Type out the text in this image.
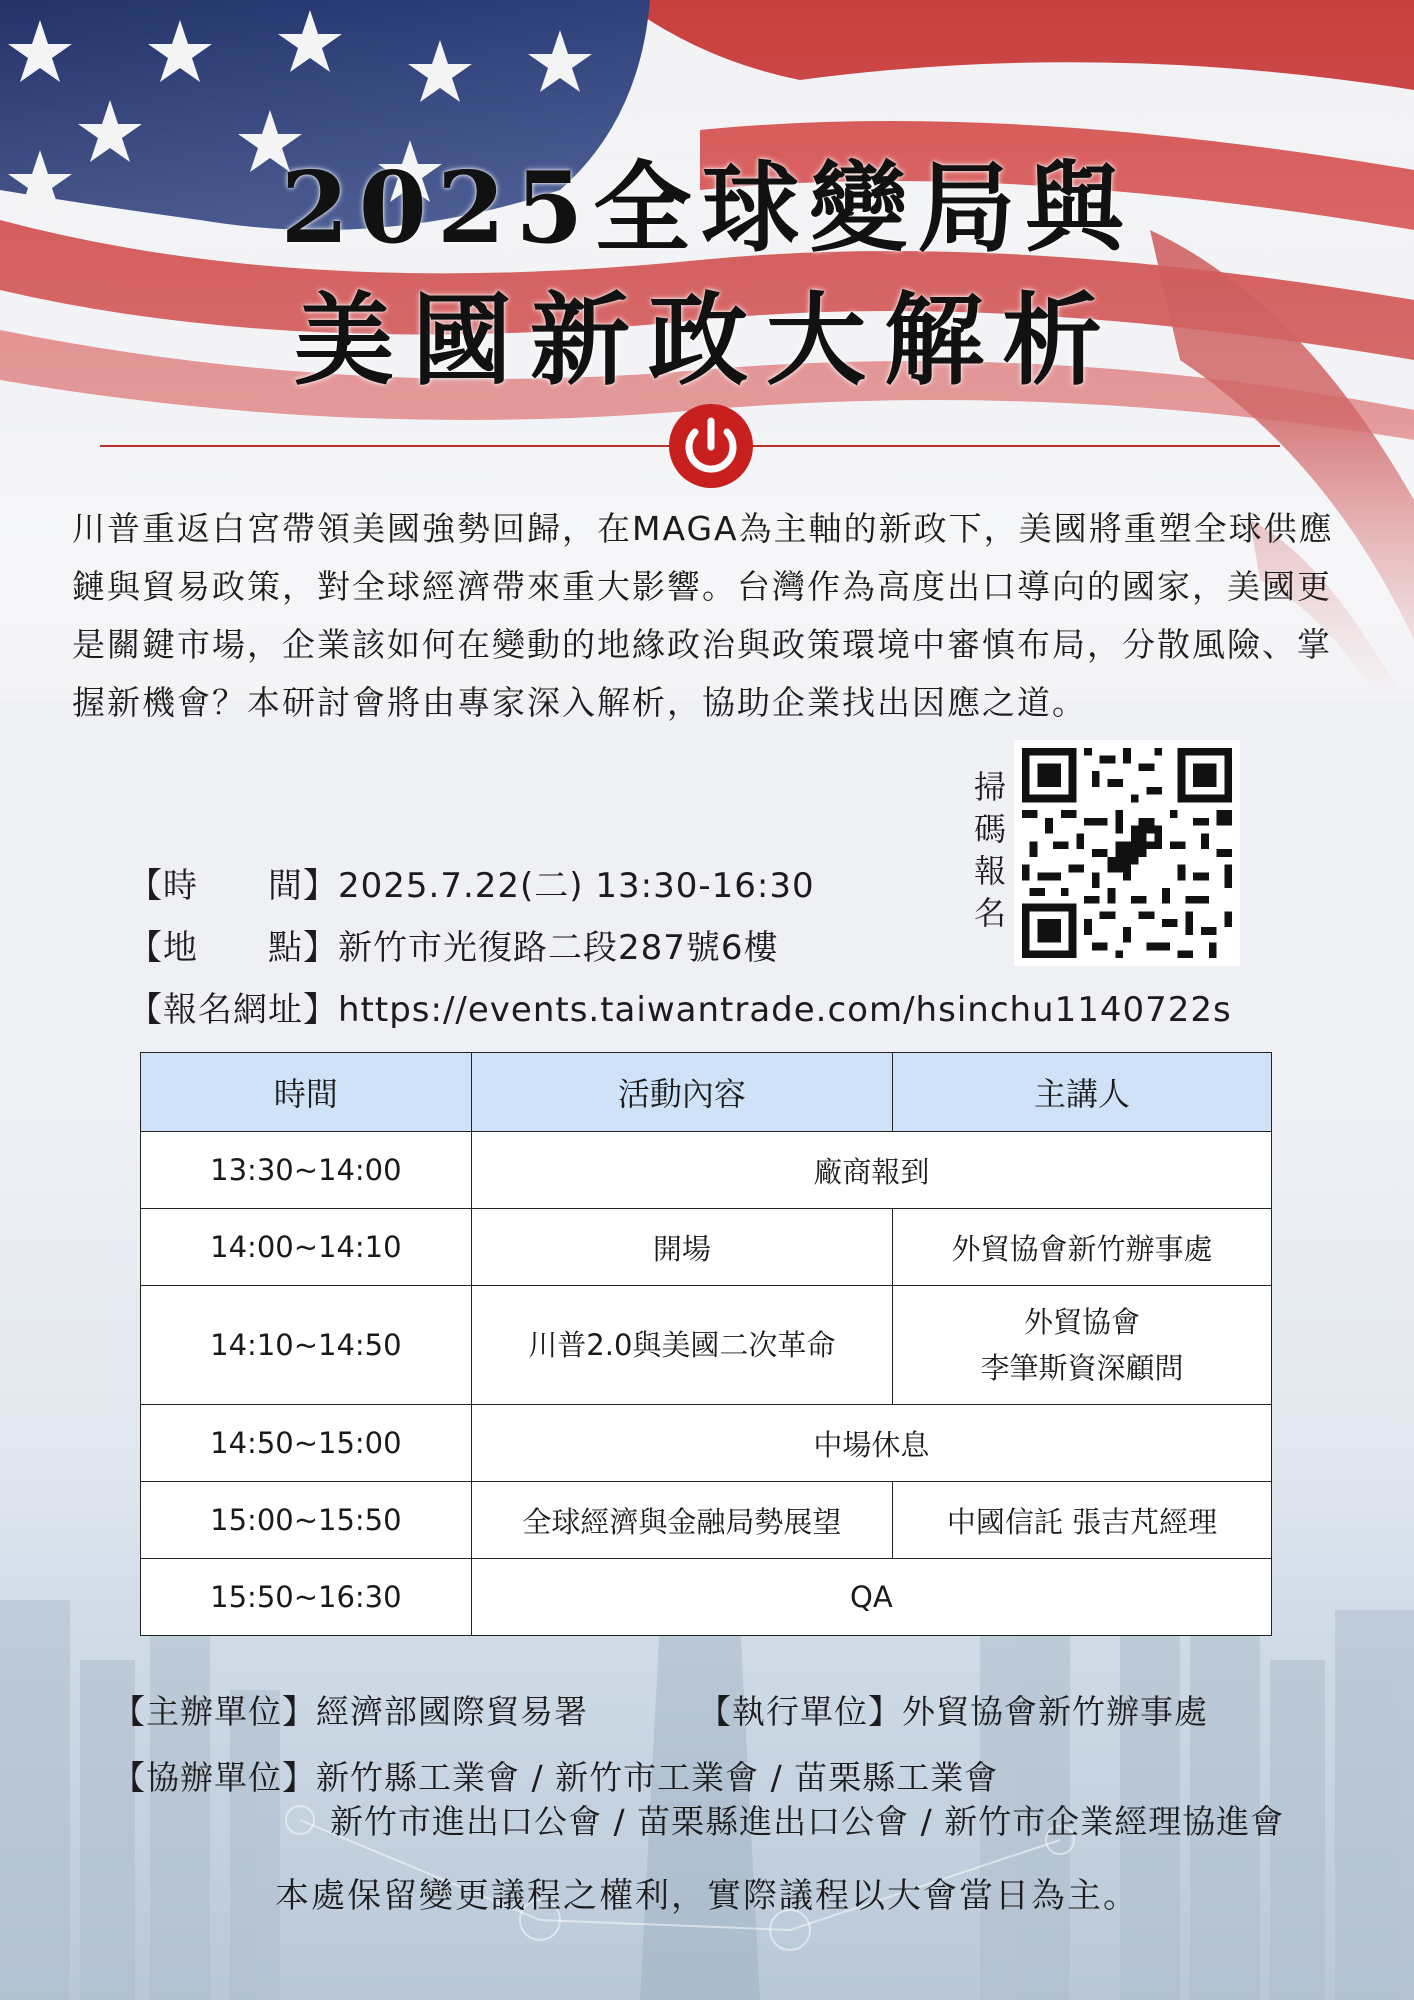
2025全球變局與
美國新政大解析
川普重返白宮帶領美國強勢回歸，在MAGA為主軸的新政下，美國將重塑全球供應鏈與貿易政策，對全球經濟帶來重大影響。台灣作為高度出口導向的國家，美國更是關鍵市場，企業該如何在變動的地緣政治與政策環境中審慎布局，分散風險、掌握新機會？本研討會將由專家深入解析，協助企業找出因應之道。
掃碼報名
【時　　間】2025.7.22(二) 13:30-16:30
【地　　點】新竹市光復路二段287號6樓
【報名網址】https://events.taiwantrade.com/hsinchu1140722s
時間	活動內容	主講人
13:30~14:00	廠商報到	
14:00~14:10	開場	外貿協會新竹辦事處
14:10~14:50	川普2.0與美國二次革命	外貿協會
李筆斯資深顧問

14:50~15:00	中場休息	
15:00~15:50	全球經濟與金融局勢展望	中國信託 張吉芃經理
15:50~16:30	QA	
【主辦單位】經濟部國際貿易署	【執行單位】外貿協會新竹辦事處
【協辦單位】新竹縣工業會 / 新竹市工業會 / 苗栗縣工業會
新竹市進出口公會 / 苗栗縣進出口公會 / 新竹市企業經理協進會
本處保留變更議程之權利，實際議程以大會當日為主。
